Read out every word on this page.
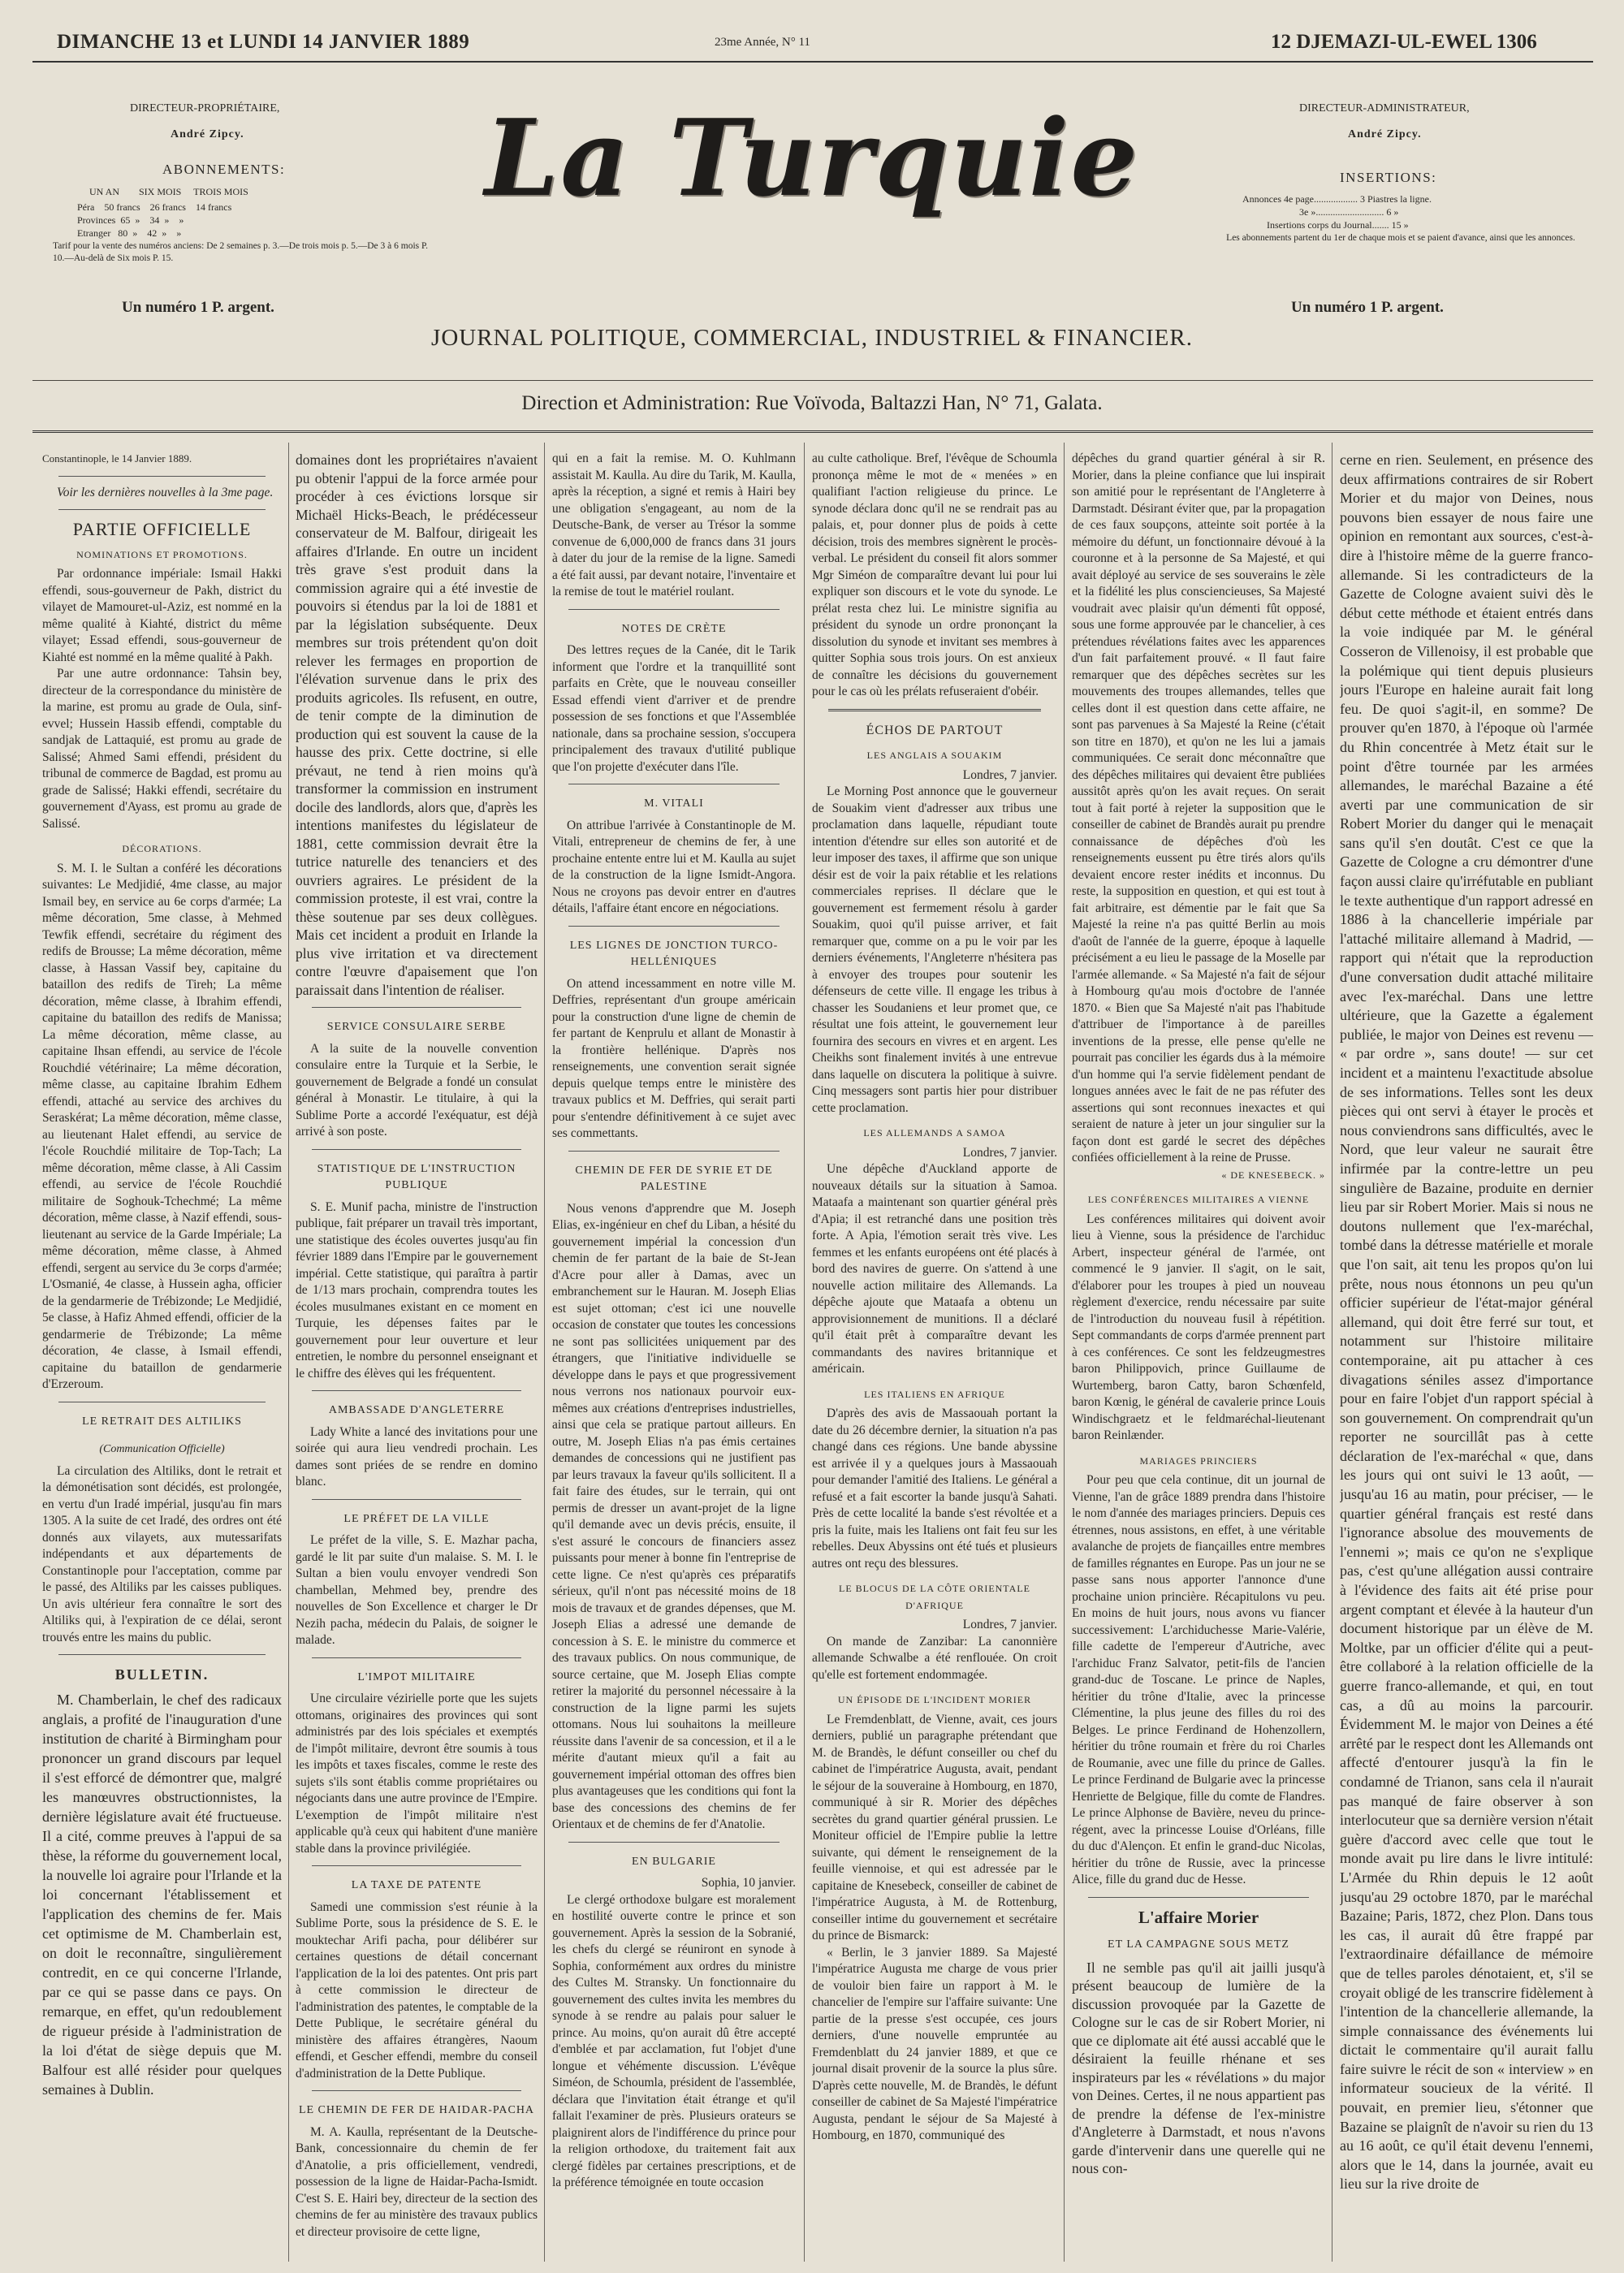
DIMANCHE 13 et LUNDI 14 JANVIER 1889	23me Année, N° 11	12 DJEMAZI-UL-EWEL 1306
DIRECTEUR-PROPRIÉTAIRE,
André Zipcy.
ABONNEMENTS:
UN AN        SIX MOIS     TROIS MOIS
Péra    50 francs    26 francs    14 francs
Provinces  65  »    34  »    »
Etranger   80  »    42  »    »
Tarif pour la vente des numéros anciens: De 2 semaines p. 3.—De trois mois p. 5.—De 3 à 6 mois P. 10.—Au-delà de Six mois P. 15.
Un numéro 1 P. argent.
La Turquie
JOURNAL POLITIQUE, COMMERCIAL, INDUSTRIEL & FINANCIER.
DIRECTEUR-ADMINISTRATEUR,
André Zipcy.
INSERTIONS:
Annonces 4e page.................. 3 Piastres la ligne.
3e »............................ 6 »
Insertions corps du Journal....... 15 »
Les abonnements partent du 1er de chaque mois et se paient d'avance, ainsi que les annonces.
Un numéro 1 P. argent.
Direction et Administration: Rue Voïvoda, Baltazzi Han, N° 71, Galata.

Constantinople, le 14 Janvier 1889.

Voir les dernières nouvelles à la 3me page.

PARTIE OFFICIELLE

NOMINATIONS ET PROMOTIONS.

Par ordonnance impériale: Ismail Hakki effendi, sous-gouverneur de Pakh, district du vilayet de Mamouret-ul-Aziz, est nommé en la même qualité à Kiahté, district du même vilayet; Essad effendi, sous-gouverneur de Kiahté est nommé en la même qualité à Pakh.

Par une autre ordonnance: Tahsin bey, directeur de la correspondance du ministère de la marine, est promu au grade de Oula, sinf-evvel; Hussein Hassib effendi, comptable du sandjak de Lattaquié, est promu au grade de Salissé; Ahmed Sami effendi, président du tribunal de commerce de Bagdad, est promu au grade de Salissé; Hakki effendi, secrétaire du gouvernement d'Ayass, est promu au grade de Salissé.

DÉCORATIONS.

S. M. I. le Sultan a conféré les décorations suivantes: Le Medjidié, 4me classe, au major Ismail bey, en service au 6e corps d'armée; La même décoration, 5me classe, à Mehmed Tewfik effendi, secrétaire du régiment des redifs de Brousse; La même décoration, même classe, à Hassan Vassif bey, capitaine du bataillon des redifs de Tireh; La même décoration, même classe, à Ibrahim effendi, capitaine du bataillon des redifs de Manissa; La même décoration, même classe, au capitaine Ihsan effendi, au service de l'école Rouchdié vétérinaire; La même décoration, même classe, au capitaine Ibrahim Edhem effendi, attaché au service des archives du Seraskérat; La même décoration, même classe, au lieutenant Halet effendi, au service de l'école Rouchdié militaire de Top-Tach; La même décoration, même classe, à Ali Cassim effendi, au service de l'école Rouchdié militaire de Soghouk-Tchechmé; La même décoration, même classe, à Nazif effendi, sous-lieutenant au service de la Garde Impériale; La même décoration, même classe, à Ahmed effendi, sergent au service du 3e corps d'armée; L'Osmanié, 4e classe, à Hussein agha, officier de la gendarmerie de Trébizonde; Le Medjidié, 5e classe, à Hafiz Ahmed effendi, officier de la gendarmerie de Trébizonde; La même décoration, 4e classe, à Ismail effendi, capitaine du bataillon de gendarmerie d'Erzeroum.

LE RETRAIT DES ALTILIKS

(Communication Officielle)

La circulation des Altiliks, dont le retrait et la démonétisation sont décidés, est prolongée, en vertu d'un Iradé impérial, jusqu'au fin mars 1305. A la suite de cet Iradé, des ordres ont été donnés aux vilayets, aux mutessarifats indépendants et aux départements de Constantinople pour l'acceptation, comme par le passé, des Altiliks par les caisses publiques. Un avis ultérieur fera connaître le sort des Altiliks qui, à l'expiration de ce délai, seront trouvés entre les mains du public.

BULLETIN.

M. Chamberlain, le chef des radicaux anglais, a profité de l'inauguration d'une institution de charité à Birmingham pour prononcer un grand discours par lequel il s'est efforcé de démontrer que, malgré les manœuvres obstructionnistes, la dernière législature avait été fructueuse. Il a cité, comme preuves à l'appui de sa thèse, la réforme du gouvernement local, la nouvelle loi agraire pour l'Irlande et la loi concernant l'établissement et l'application des chemins de fer. Mais cet optimisme de M. Chamberlain est, on doit le reconnaître, singulièrement contredit, en ce qui concerne l'Irlande, par ce qui se passe dans ce pays. On remarque, en effet, qu'un redoublement de rigueur préside à l'administration de la loi d'état de siège depuis que M. Balfour est allé résider pour quelques semaines à Dublin.

domaines dont les propriétaires n'avaient pu obtenir l'appui de la force armée pour procéder à ces évictions lorsque sir Michaël Hicks-Beach, le prédécesseur conservateur de M. Balfour, dirigeait les affaires d'Irlande. En outre un incident très grave s'est produit dans la commission agraire qui a été investie de pouvoirs si étendus par la loi de 1881 et par la législation subséquente. Deux membres sur trois prétendent qu'on doit relever les fermages en proportion de l'élévation survenue dans le prix des produits agricoles. Ils refusent, en outre, de tenir compte de la diminution de production qui est souvent la cause de la hausse des prix. Cette doctrine, si elle prévaut, ne tend à rien moins qu'à transformer la commission en instrument docile des landlords, alors que, d'après les intentions manifestes du législateur de 1881, cette commission devrait être la tutrice naturelle des tenanciers et des ouvriers agraires. Le président de la commission proteste, il est vrai, contre la thèse soutenue par ses deux collègues. Mais cet incident a produit en Irlande la plus vive irritation et va directement contre l'œuvre d'apaisement que l'on paraissait dans l'intention de réaliser.

SERVICE CONSULAIRE SERBE

A la suite de la nouvelle convention consulaire entre la Turquie et la Serbie, le gouvernement de Belgrade a fondé un consulat général à Monastir. Le titulaire, à qui la Sublime Porte a accordé l'exéquatur, est déjà arrivé à son poste.

STATISTIQUE DE L'INSTRUCTION PUBLIQUE

S. E. Munif pacha, ministre de l'instruction publique, fait préparer un travail très important, une statistique des écoles ouvertes jusqu'au fin février 1889 dans l'Empire par le gouvernement impérial. Cette statistique, qui paraîtra à partir de 1/13 mars prochain, comprendra toutes les écoles musulmanes existant en ce moment en Turquie, les dépenses faites par le gouvernement pour leur ouverture et leur entretien, le nombre du personnel enseignant et le chiffre des élèves qui les fréquentent.

AMBASSADE D'ANGLETERRE

Lady White a lancé des invitations pour une soirée qui aura lieu vendredi prochain. Les dames sont priées de se rendre en domino blanc.

LE PRÉFET DE LA VILLE

Le préfet de la ville, S. E. Mazhar pacha, gardé le lit par suite d'un malaise. S. M. I. le Sultan a bien voulu envoyer vendredi Son chambellan, Mehmed bey, prendre des nouvelles de Son Excellence et charger le Dr Nezih pacha, médecin du Palais, de soigner le malade.

L'IMPOT MILITAIRE

Une circulaire vézirielle porte que les sujets ottomans, originaires des provinces qui sont administrés par des lois spéciales et exemptés de l'impôt militaire, devront être soumis à tous les impôts et taxes fiscales, comme le reste des sujets s'ils sont établis comme propriétaires ou négociants dans une autre province de l'Empire. L'exemption de l'impôt militaire n'est applicable qu'à ceux qui habitent d'une manière stable dans la province privilégiée.

LA TAXE DE PATENTE

Samedi une commission s'est réunie à la Sublime Porte, sous la présidence de S. E. le mouktechar Arifi pacha, pour délibérer sur certaines questions de détail concernant l'application de la loi des patentes. Ont pris part à cette commission le directeur de l'administration des patentes, le comptable de la Dette Publique, le secrétaire général du ministère des affaires étrangères, Naoum effendi, et Gescher effendi, membre du conseil d'administration de la Dette Publique.

LE CHEMIN DE FER DE HAIDAR-PACHA

M. A. Kaulla, représentant de la Deutsche-Bank, concessionnaire du chemin de fer d'Anatolie, a pris officiellement, vendredi, possession de la ligne de Haidar-Pacha-Ismidt. C'est S. E. Hairi bey, directeur de la section des chemins de fer au ministère des travaux publics et directeur provisoire de cette ligne,

qui en a fait la remise. M. O. Kuhlmann assistait M. Kaulla. Au dire du Tarik, M. Kaulla, après la réception, a signé et remis à Hairi bey une obligation s'engageant, au nom de la Deutsche-Bank, de verser au Trésor la somme convenue de 6,000,000 de francs dans 31 jours à dater du jour de la remise de la ligne. Samedi a été fait aussi, par devant notaire, l'inventaire et la remise de tout le matériel roulant.

NOTES DE CRÈTE

Des lettres reçues de la Canée, dit le Tarik informent que l'ordre et la tranquillité sont parfaits en Crète, que le nouveau conseiller Essad effendi vient d'arriver et de prendre possession de ses fonctions et que l'Assemblée nationale, dans sa prochaine session, s'occupera principalement des travaux d'utilité publique que l'on projette d'exécuter dans l'île.

M. VITALI

On attribue l'arrivée à Constantinople de M. Vitali, entrepreneur de chemins de fer, à une prochaine entente entre lui et M. Kaulla au sujet de la construction de la ligne Ismidt-Angora. Nous ne croyons pas devoir entrer en d'autres détails, l'affaire étant encore en négociations.

LES LIGNES DE JONCTION TURCO-HELLÉNIQUES

On attend incessamment en notre ville M. Deffries, représentant d'un groupe américain pour la construction d'une ligne de chemin de fer partant de Kenprulu et allant de Monastir à la frontière hellénique. D'après nos renseignements, une convention serait signée depuis quelque temps entre le ministère des travaux publics et M. Deffries, qui serait parti pour s'entendre définitivement à ce sujet avec ses commettants.

CHEMIN DE FER DE SYRIE ET DE PALESTINE

Nous venons d'apprendre que M. Joseph Elias, ex-ingénieur en chef du Liban, a hésité du gouvernement impérial la concession d'un chemin de fer partant de la baie de St-Jean d'Acre pour aller à Damas, avec un embranchement sur le Hauran. M. Joseph Elias est sujet ottoman; c'est ici une nouvelle occasion de constater que toutes les concessions ne sont pas sollicitées uniquement par des étrangers, que l'initiative individuelle se développe dans le pays et que progressivement nous verrons nos nationaux pourvoir eux-mêmes aux créations d'entreprises industrielles, ainsi que cela se pratique partout ailleurs. En outre, M. Joseph Elias n'a pas émis certaines demandes de concessions qui ne justifient pas par leurs travaux la faveur qu'ils sollicitent. Il a fait faire des études, sur le terrain, qui ont permis de dresser un avant-projet de la ligne qu'il demande avec un devis précis, ensuite, il s'est assuré le concours de financiers assez puissants pour mener à bonne fin l'entreprise de cette ligne. Ce n'est qu'après ces préparatifs sérieux, qu'il n'ont pas nécessité moins de 18 mois de travaux et de grandes dépenses, que M. Joseph Elias a adressé une demande de concession à S. E. le ministre du commerce et des travaux publics. On nous communique, de source certaine, que M. Joseph Elias compte retirer la majorité du personnel nécessaire à la construction de la ligne parmi les sujets ottomans. Nous lui souhaitons la meilleure réussite dans l'avenir de sa concession, et il a le mérite d'autant mieux qu'il a fait au gouvernement impérial ottoman des offres bien plus avantageuses que les conditions qui font la base des concessions des chemins de fer Orientaux et de chemins de fer d'Anatolie.

EN BULGARIE

Sophia, 10 janvier.

Le clergé orthodoxe bulgare est moralement en hostilité ouverte contre le prince et son gouvernement. Après la session de la Sobranié, les chefs du clergé se réuniront en synode à Sophia, conformément aux ordres du ministre des Cultes M. Stransky. Un fonctionnaire du gouvernement des cultes invita les membres du synode à se rendre au palais pour saluer le prince. Au moins, qu'on aurait dû être accepté d'emblée et par acclamation, fut l'objet d'une longue et véhémente discussion. L'évêque Siméon, de Schoumla, président de l'assemblée, déclara que l'invitation était étrange et qu'il fallait l'examiner de près. Plusieurs orateurs se plaignirent alors de l'indifférence du prince pour la religion orthodoxe, du traitement fait aux clergé fidèles par certaines prescriptions, et de la préférence témoignée en toute occasion

au culte catholique. Bref, l'évêque de Schoumla prononça même le mot de « menées » en qualifiant l'action religieuse du prince. Le synode déclara donc qu'il ne se rendrait pas au palais, et, pour donner plus de poids à cette décision, trois des membres signèrent le procès-verbal. Le président du conseil fit alors sommer Mgr Siméon de comparaître devant lui pour lui expliquer son discours et le vote du synode. Le prélat resta chez lui. Le ministre signifia au président du synode un ordre prononçant la dissolution du synode et invitant ses membres à quitter Sophia sous trois jours. On est anxieux de connaître les décisions du gouvernement pour le cas où les prélats refuseraient d'obéir.

ÉCHOS DE PARTOUT

LES ANGLAIS A SOUAKIM

Londres, 7 janvier.

Le Morning Post annonce que le gouverneur de Souakim vient d'adresser aux tribus une proclamation dans laquelle, répudiant toute intention d'étendre sur elles son autorité et de leur imposer des taxes, il affirme que son unique désir est de voir la paix rétablie et les relations commerciales reprises. Il déclare que le gouvernement est fermement résolu à garder Souakim, quoi qu'il puisse arriver, et fait remarquer que, comme on a pu le voir par les derniers événements, l'Angleterre n'hésitera pas à envoyer des troupes pour soutenir les défenseurs de cette ville. Il engage les tribus à chasser les Soudaniens et leur promet que, ce résultat une fois atteint, le gouvernement leur fournira des secours en vivres et en argent. Les Cheikhs sont finalement invités à une entrevue dans laquelle on discutera la politique à suivre. Cinq messagers sont partis hier pour distribuer cette proclamation.

LES ALLEMANDS A SAMOA

Londres, 7 janvier.

Une dépêche d'Auckland apporte de nouveaux détails sur la situation à Samoa. Mataafa a maintenant son quartier général près d'Apia; il est retranché dans une position très forte. A Apia, l'émotion serait très vive. Les femmes et les enfants européens ont été placés à bord des navires de guerre. On s'attend à une nouvelle action militaire des Allemands. La dépêche ajoute que Mataafa a obtenu un approvisionnement de munitions. Il a déclaré qu'il était prêt à comparaître devant les commandants des navires britannique et américain.

LES ITALIENS EN AFRIQUE

D'après des avis de Massaouah portant la date du 26 décembre dernier, la situation n'a pas changé dans ces régions. Une bande abyssine est arrivée il y a quelques jours à Massaouah pour demander l'amitié des Italiens. Le général a refusé et a fait escorter la bande jusqu'à Sahati. Près de cette localité la bande s'est révoltée et a pris la fuite, mais les Italiens ont fait feu sur les rebelles. Deux Abyssins ont été tués et plusieurs autres ont reçu des blessures.

LE BLOCUS DE LA CÔTE ORIENTALE D'AFRIQUE

Londres, 7 janvier.

On mande de Zanzibar: La canonnière allemande Schwalbe a été renflouée. On croit qu'elle est fortement endommagée.

UN ÉPISODE DE L'INCIDENT MORIER

Le Fremdenblatt, de Vienne, avait, ces jours derniers, publié un paragraphe prétendant que M. de Brandès, le défunt conseiller ou chef du cabinet de l'impératrice Augusta, avait, pendant le séjour de la souveraine à Hombourg, en 1870, communiqué à sir R. Morier des dépêches secrètes du grand quartier général prussien. Le Moniteur officiel de l'Empire publie la lettre suivante, qui dément le renseignement de la feuille viennoise, et qui est adressée par le capitaine de Knesebeck, conseiller de cabinet de l'impératrice Augusta, à M. de Rottenburg, conseiller intime du gouvernement et secrétaire du prince de Bismarck:

« Berlin, le 3 janvier 1889. Sa Majesté l'impératrice Augusta me charge de vous prier de vouloir bien faire un rapport à M. le chancelier de l'empire sur l'affaire suivante: Une partie de la presse s'est occupée, ces jours derniers, d'une nouvelle empruntée au Fremdenblatt du 24 janvier 1889, et que ce journal disait provenir de la source la plus sûre. D'après cette nouvelle, M. de Brandès, le défunt conseiller de cabinet de Sa Majesté l'impératrice Augusta, pendant le séjour de Sa Majesté à Hombourg, en 1870, communiqué des

dépêches du grand quartier général à sir R. Morier, dans la pleine confiance que lui inspirait son amitié pour le représentant de l'Angleterre à Darmstadt. Désirant éviter que, par la propagation de ces faux soupçons, atteinte soit portée à la mémoire du défunt, un fonctionnaire dévoué à la couronne et à la personne de Sa Majesté, et qui avait déployé au service de ses souverains le zèle et la fidélité les plus consciencieuses, Sa Majesté voudrait avec plaisir qu'un démenti fût opposé, sous une forme approuvée par le chancelier, à ces prétendues révélations faites avec les apparences d'un fait parfaitement prouvé. « Il faut faire remarquer que des dépêches secrètes sur les mouvements des troupes allemandes, telles que celles dont il est question dans cette affaire, ne sont pas parvenues à Sa Majesté la Reine (c'était son titre en 1870), et qu'on ne les lui a jamais communiquées. Ce serait donc méconnaître que des dépêches militaires qui devaient être publiées aussitôt après qu'on les avait reçues. On serait tout à fait porté à rejeter la supposition que le conseiller de cabinet de Brandès aurait pu prendre connaissance de dépêches d'où les renseignements eussent pu être tirés alors qu'ils devaient encore rester inédits et inconnus. Du reste, la supposition en question, et qui est tout à fait arbitraire, est démentie par le fait que Sa Majesté la reine n'a pas quitté Berlin au mois d'août de l'année de la guerre, époque à laquelle précisément a eu lieu le passage de la Moselle par l'armée allemande. « Sa Majesté n'a fait de séjour à Hombourg qu'au mois d'octobre de l'année 1870. « Bien que Sa Majesté n'ait pas l'habitude d'attribuer de l'importance à de pareilles inventions de la presse, elle pense qu'elle ne pourrait pas concilier les égards dus à la mémoire d'un homme qui l'a servie fidèlement pendant de longues années avec le fait de ne pas réfuter des assertions qui sont reconnues inexactes et qui seraient de nature à jeter un jour singulier sur la façon dont est gardé le secret des dépêches confiées officiellement à la reine de Prusse.

« DE KNESEBECK. »

LES CONFÉRENCES MILITAIRES A VIENNE

Les conférences militaires qui doivent avoir lieu à Vienne, sous la présidence de l'archiduc Arbert, inspecteur général de l'armée, ont commencé le 9 janvier. Il s'agit, on le sait, d'élaborer pour les troupes à pied un nouveau règlement d'exercice, rendu nécessaire par suite de l'introduction du nouveau fusil à répétition. Sept commandants de corps d'armée prennent part à ces conférences. Ce sont les feldzeugmestres baron Philippovich, prince Guillaume de Wurtemberg, baron Catty, baron Schœnfeld, baron Kœnig, le général de cavalerie prince Louis Windischgraetz et le feldmaréchal-lieutenant baron Reinlænder.

MARIAGES PRINCIERS

Pour peu que cela continue, dit un journal de Vienne, l'an de grâce 1889 prendra dans l'histoire le nom d'année des mariages princiers. Depuis ces étrennes, nous assistons, en effet, à une véritable avalanche de projets de fiançailles entre membres de familles régnantes en Europe. Pas un jour ne se passe sans nous apporter l'annonce d'une prochaine union princière. Récapitulons vu peu. En moins de huit jours, nous avons vu fiancer successivement: L'archiduchesse Marie-Valérie, fille cadette de l'empereur d'Autriche, avec l'archiduc Franz Salvator, petit-fils de l'ancien grand-duc de Toscane. Le prince de Naples, héritier du trône d'Italie, avec la princesse Clémentine, la plus jeune des filles du roi des Belges. Le prince Ferdinand de Hohenzollern, héritier du trône roumain et frère du roi Charles de Roumanie, avec une fille du prince de Galles. Le prince Ferdinand de Bulgarie avec la princesse Henriette de Belgique, fille du comte de Flandres. Le prince Alphonse de Bavière, neveu du prince-régent, avec la princesse Louise d'Orléans, fille du duc d'Alençon. Et enfin le grand-duc Nicolas, héritier du trône de Russie, avec la princesse Alice, fille du grand duc de Hesse.

L'affaire Morier

ET LA CAMPAGNE SOUS METZ

Il ne semble pas qu'il ait jailli jusqu'à présent beaucoup de lumière de la discussion provoquée par la Gazette de Cologne sur le cas de sir Robert Morier, ni que ce diplomate ait été aussi accablé que le désiraient la feuille rhénane et ses inspirateurs par les « révélations » du major von Deines. Certes, il ne nous appartient pas de prendre la défense de l'ex-ministre d'Angleterre à Darmstadt, et nous n'avons garde d'intervenir dans une querelle qui ne nous con-

cerne en rien. Seulement, en présence des deux affirmations contraires de sir Robert Morier et du major von Deines, nous pouvons bien essayer de nous faire une opinion en remontant aux sources, c'est-à-dire à l'histoire même de la guerre franco-allemande. Si les contradicteurs de la Gazette de Cologne avaient suivi dès le début cette méthode et étaient entrés dans la voie indiquée par M. le général Cosseron de Villenoisy, il est probable que la polémique qui tient depuis plusieurs jours l'Europe en haleine aurait fait long feu. De quoi s'agit-il, en somme? De prouver qu'en 1870, à l'époque où l'armée du Rhin concentrée à Metz était sur le point d'être tournée par les armées allemandes, le maréchal Bazaine a été averti par une communication de sir Robert Morier du danger qui le menaçait sans qu'il s'en doutât. C'est ce que la Gazette de Cologne a cru démontrer d'une façon aussi claire qu'irréfutable en publiant le texte authentique d'un rapport adressé en 1886 à la chancellerie impériale par l'attaché militaire allemand à Madrid, — rapport qui n'était que la reproduction d'une conversation dudit attaché militaire avec l'ex-maréchal. Dans une lettre ultérieure, que la Gazette a également publiée, le major von Deines est revenu — « par ordre », sans doute! — sur cet incident et a maintenu l'exactitude absolue de ses informations. Telles sont les deux pièces qui ont servi à étayer le procès et nous conviendrons sans difficultés, avec le Nord, que leur valeur ne saurait être infirmée par la contre-lettre un peu singulière de Bazaine, produite en dernier lieu par sir Robert Morier. Mais si nous ne doutons nullement que l'ex-maréchal, tombé dans la détresse matérielle et morale que l'on sait, ait tenu les propos qu'on lui prête, nous nous étonnons un peu qu'un officier supérieur de l'état-major général allemand, qui doit être ferré sur tout, et notamment sur l'histoire militaire contemporaine, ait pu attacher à ces divagations séniles assez d'importance pour en faire l'objet d'un rapport spécial à son gouvernement. On comprendrait qu'un reporter ne sourcillât pas à cette déclaration de l'ex-maréchal « que, dans les jours qui ont suivi le 13 août, — jusqu'au 16 au matin, pour préciser, — le quartier général français est resté dans l'ignorance absolue des mouvements de l'ennemi »; mais ce qu'on ne s'explique pas, c'est qu'une allégation aussi contraire à l'évidence des faits ait été prise pour argent comptant et élevée à la hauteur d'un document historique par un élève de M. Moltke, par un officier d'élite qui a peut-être collaboré à la relation officielle de la guerre franco-allemande, et qui, en tout cas, a dû au moins la parcourir. Évidemment M. le major von Deines a été arrêté par le respect dont les Allemands ont affecté d'entourer jusqu'à la fin le condamné de Trianon, sans cela il n'aurait pas manqué de faire observer à son interlocuteur que sa dernière version n'était guère d'accord avec celle que tout le monde avait pu lire dans le livre intitulé: L'Armée du Rhin depuis le 12 août jusqu'au 29 octobre 1870, par le maréchal Bazaine; Paris, 1872, chez Plon. Dans tous les cas, il aurait dû être frappé par l'extraordinaire défaillance de mémoire que de telles paroles dénotaient, et, s'il se croyait obligé de les transcrire fidèlement à l'intention de la chancellerie allemande, la simple connaissance des événements lui dictait le commentaire qu'il aurait fallu faire suivre le récit de son « interview » en informateur soucieux de la vérité. Il pouvait, en premier lieu, s'étonner que Bazaine se plaignît de n'avoir su rien du 13 au 16 août, ce qu'il était devenu l'ennemi, alors que le 14, dans la journée, avait eu lieu sur la rive droite de
